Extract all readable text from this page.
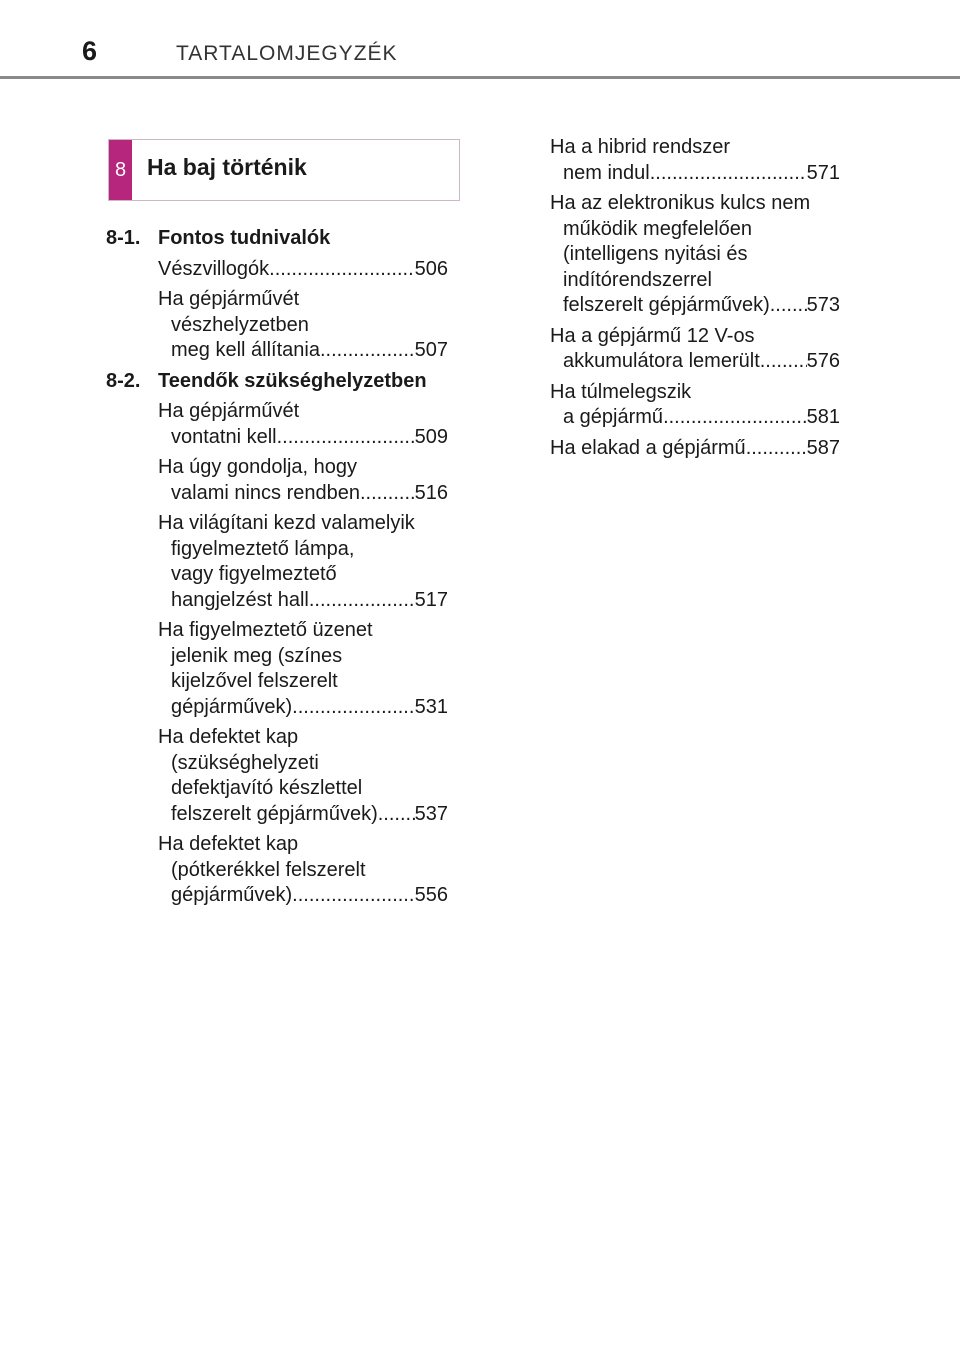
6	TARTALOMJEGYZÉK
8 Ha baj történik
8-1. Fontos tudnivalók
Vészvillogók .....	506
Ha gépjárművét
vészhelyzetben
meg kell állítania .....	507
8-2. Teendők szükséghelyzetben
Ha gépjárművét
vontatni kell .....	509
Ha úgy gondolja, hogy
valami nincs rendben .....	516
Ha világítani kezd valamelyik
figyelmeztető lámpa,
vagy figyelmeztető
hangjelzést hall .....	517
Ha figyelmeztető üzenet
jelenik meg (színes
kijelzővel felszerelt
gépjárművek) .....	531
Ha defektet kap
(szükséghelyzeti
defektjavító készlettel
felszerelt gépjárművek) ..... 537
Ha defektet kap
(pótkerékkel felszerelt
gépjárművek) .....	556
Ha a hibrid rendszer
nem indul .....	571
Ha az elektronikus kulcs nem
működik megfelelően
(intelligens nyitási és
indítórendszerrel
felszerelt gépjárművek) ..... 573
Ha a gépjármű 12 V-os
akkumulátora lemerült ..... 576
Ha túlmelegszik
a gépjármű .....	581
Ha elakad a gépjármű .....	587
